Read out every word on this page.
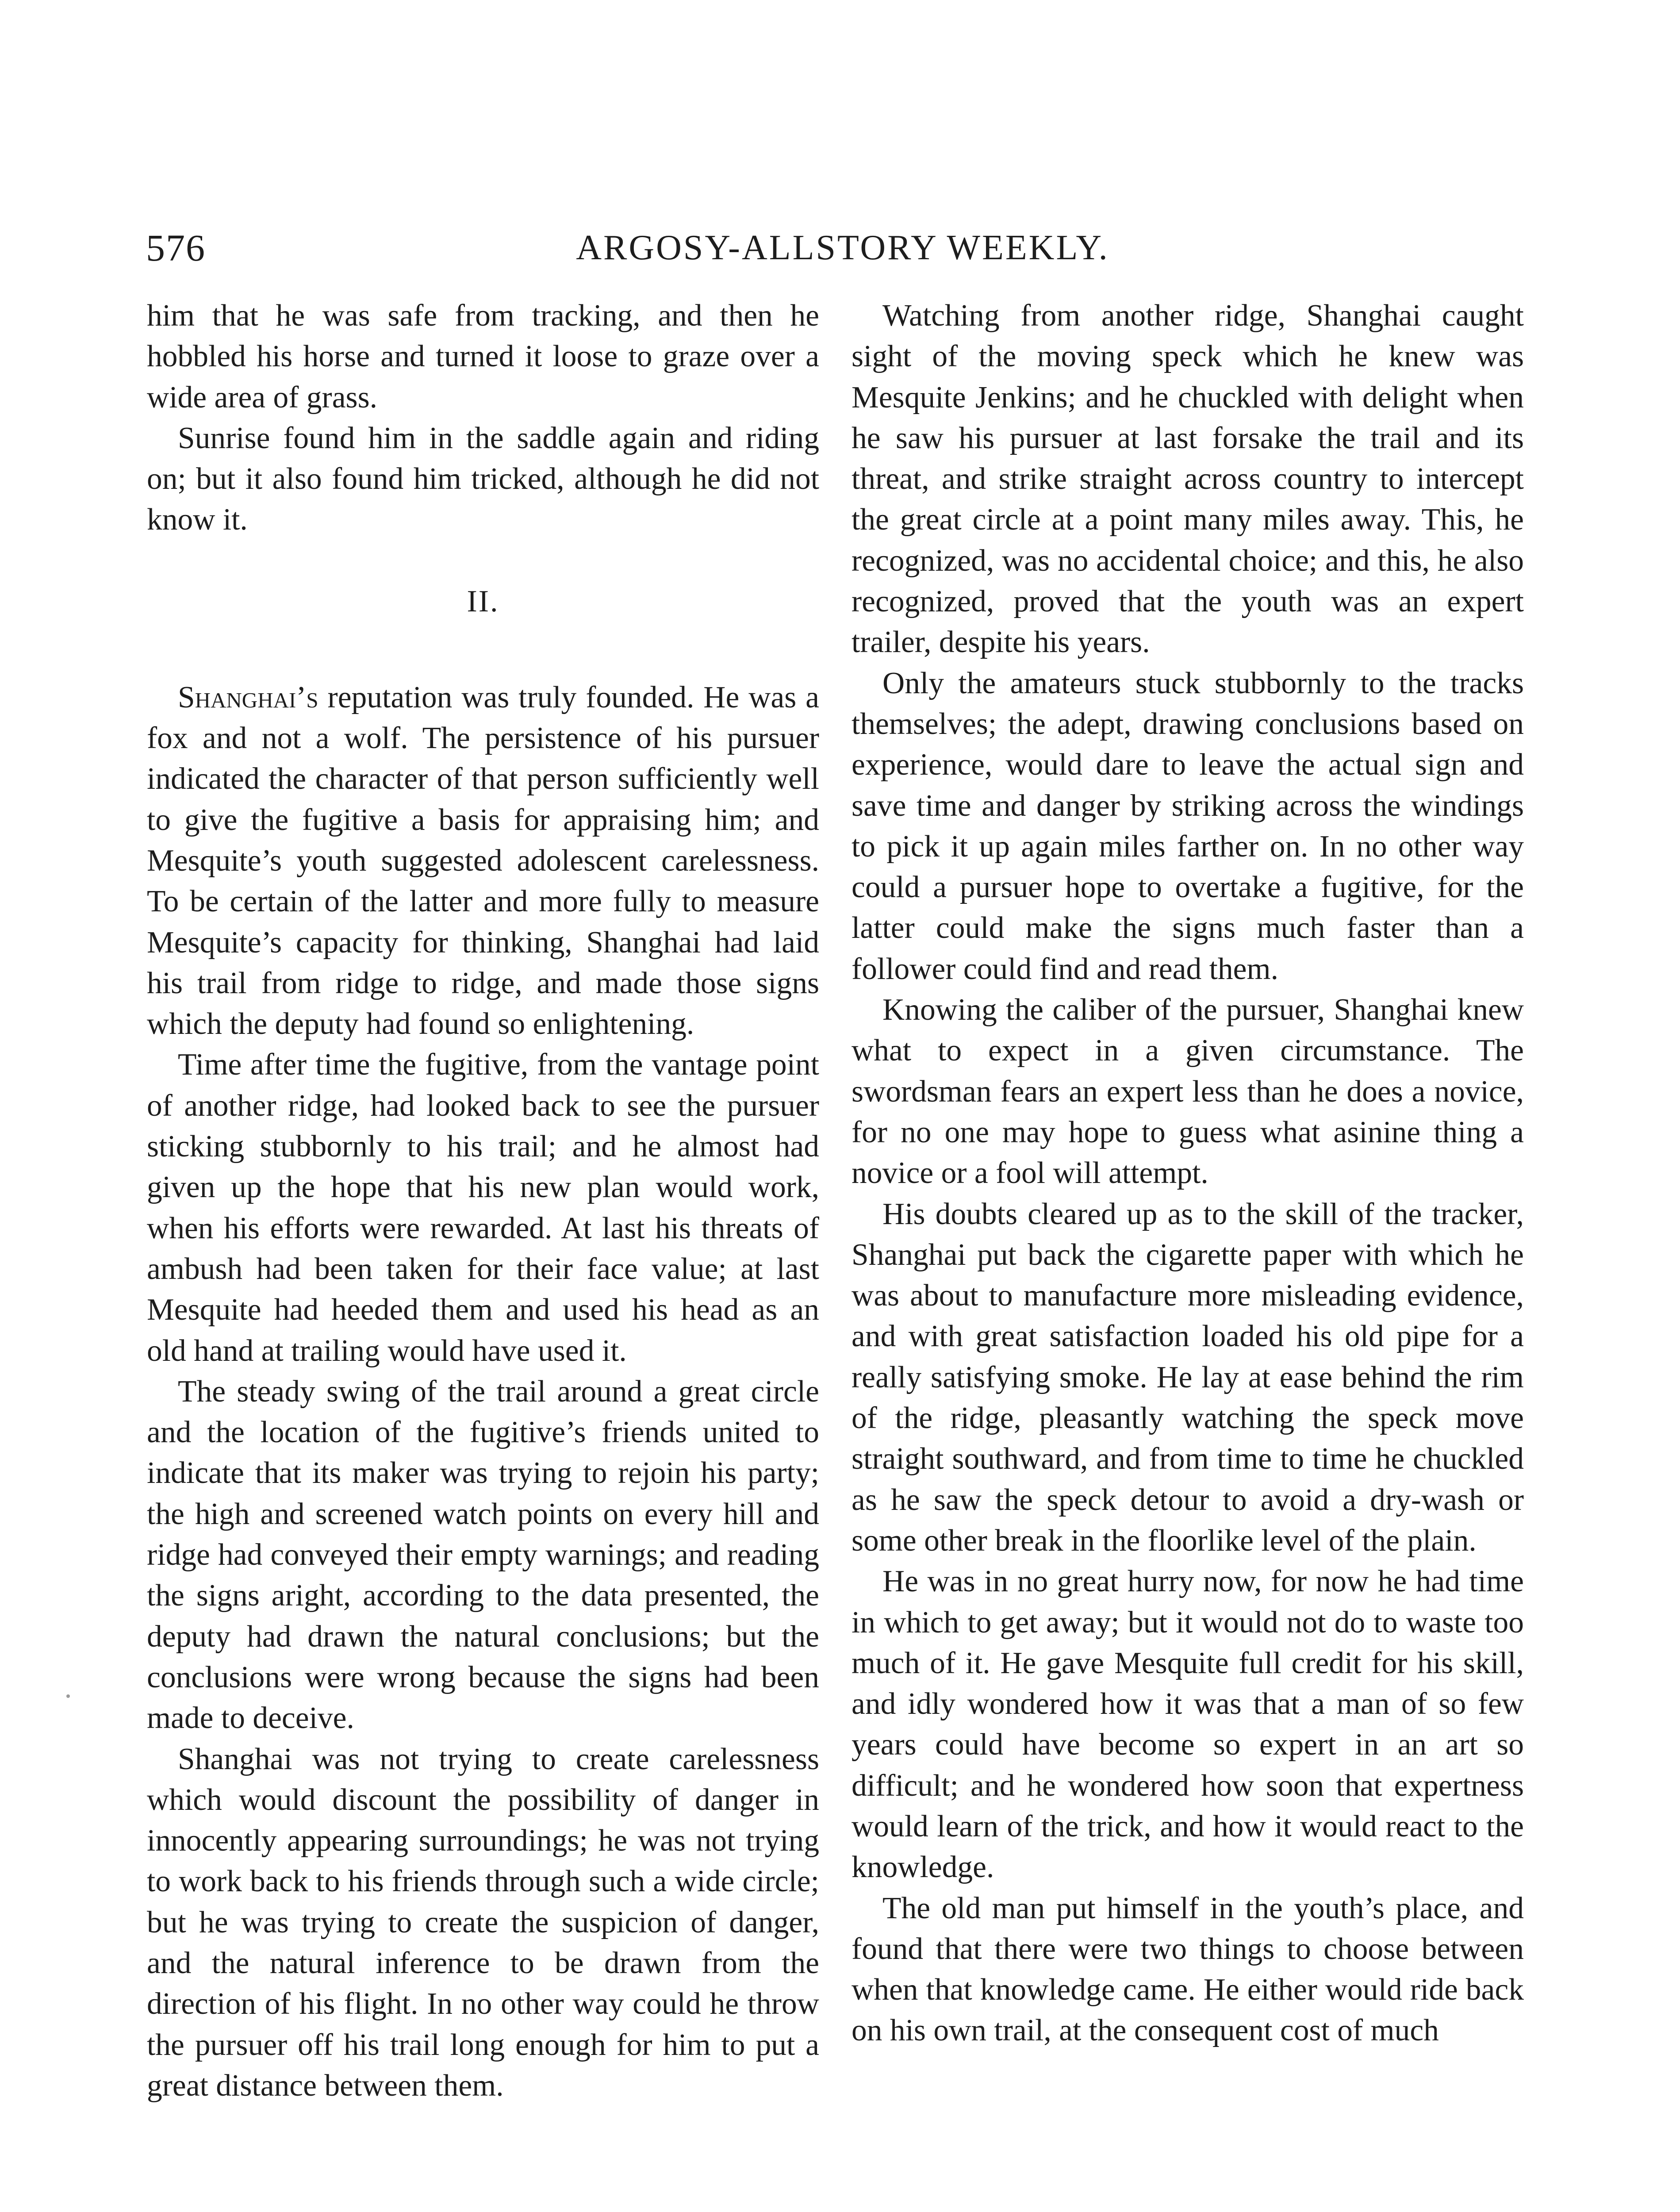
576	ARGOSY-ALLSTORY WEEKLY.

him that he was safe from tracking, and then he hobbled his horse and turned it loose to graze over a wide area of grass.

Sunrise found him in the saddle again and riding on; but it also found him tricked, although he did not know it.

II.

Shanghai’s reputation was truly founded. He was a fox and not a wolf. The persistence of his pursuer indicated the character of that person sufficiently well to give the fugitive a basis for appraising him; and Mesquite’s youth suggested adolescent carelessness. To be certain of the latter and more fully to measure Mesquite’s capacity for thinking, Shanghai had laid his trail from ridge to ridge, and made those signs which the deputy had found so enlightening.

Time after time the fugitive, from the vantage point of another ridge, had looked back to see the pursuer sticking stubbornly to his trail; and he almost had given up the hope that his new plan would work, when his efforts were rewarded. At last his threats of ambush had been taken for their face value; at last Mesquite had heeded them and used his head as an old hand at trailing would have used it.

The steady swing of the trail around a great circle and the location of the fugitive’s friends united to indicate that its maker was trying to rejoin his party; the high and screened watch points on every hill and ridge had conveyed their empty warnings; and reading the signs aright, according to the data presented, the deputy had drawn the natural conclusions; but the conclusions were wrong because the signs had been made to deceive.

Shanghai was not trying to create carelessness which would discount the possibility of danger in innocently appearing surroundings; he was not trying to work back to his friends through such a wide circle; but he was trying to create the suspicion of danger, and the natural inference to be drawn from the direction of his flight. In no other way could he throw the pursuer off his trail long enough for him to put a great distance between them.

Watching from another ridge, Shanghai caught sight of the moving speck which he knew was Mesquite Jenkins; and he chuckled with delight when he saw his pursuer at last forsake the trail and its threat, and strike straight across country to intercept the great circle at a point many miles away. This, he recognized, was no accidental choice; and this, he also recognized, proved that the youth was an expert trailer, despite his years.

Only the amateurs stuck stubbornly to the tracks themselves; the adept, drawing conclusions based on experience, would dare to leave the actual sign and save time and danger by striking across the windings to pick it up again miles farther on. In no other way could a pursuer hope to overtake a fugitive, for the latter could make the signs much faster than a follower could find and read them.

Knowing the caliber of the pursuer, Shanghai knew what to expect in a given circumstance. The swordsman fears an expert less than he does a novice, for no one may hope to guess what asinine thing a novice or a fool will attempt.

His doubts cleared up as to the skill of the tracker, Shanghai put back the cigarette paper with which he was about to manufacture more misleading evidence, and with great satisfaction loaded his old pipe for a really satisfying smoke. He lay at ease behind the rim of the ridge, pleasantly watching the speck move straight southward, and from time to time he chuckled as he saw the speck detour to avoid a dry-wash or some other break in the floorlike level of the plain.

He was in no great hurry now, for now he had time in which to get away; but it would not do to waste too much of it. He gave Mesquite full credit for his skill, and idly wondered how it was that a man of so few years could have become so expert in an art so difficult; and he wondered how soon that expertness would learn of the trick, and how it would react to the knowledge.

The old man put himself in the youth’s place, and found that there were two things to choose between when that knowledge came. He either would ride back on his own trail, at the consequent cost of much
